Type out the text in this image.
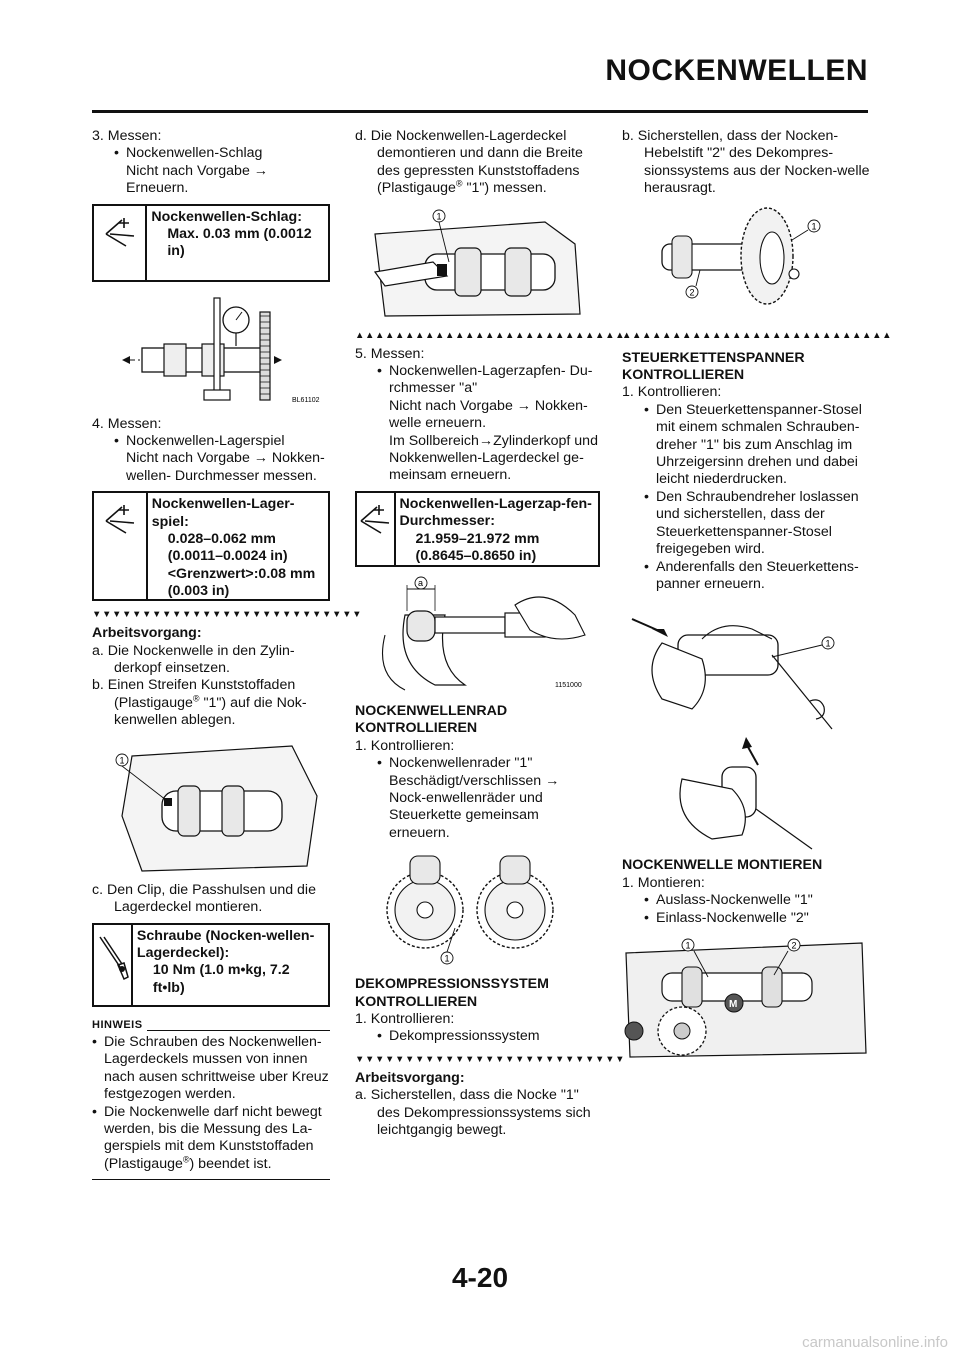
NOCKENWELLEN

3. Messen:

• Nockenwellen-Schlag

Nicht nach Vorgabe → Erneuern.

Nockenwellen-Schlag:
Max. 0.03 mm (0.0012 in)
BL61102

4. Messen:

• Nockenwellen-Lagerspiel

Nicht nach Vorgabe → Nokken-wellen- Durchmesser messen.

Nockenwellen-Lager-spiel:
0.028–0.062 mm
(0.0011–0.0024 in)
<Grenzwert>:0.08 mm
(0.003 in)
▼▼▼▼▼▼▼▼▼▼▼▼▼▼▼▼▼▼▼▼▼▼▼▼▼▼▼

Arbeitsvorgang:

a. Die Nockenwelle in den Zylin-derkopf einsetzen.

b. Einen Streifen Kunststoffaden (Plastigauge® "1") auf die Nok-kenwellen ablegen.

1

c. Den Clip, die Passhulsen und die Lagerdeckel montieren.

Schraube (Nocken-wellen- Lagerdeckel):
10 Nm (1.0 m•kg, 7.2 ft•lb)
HINWEIS

• Die Schrauben des Nockenwellen-Lagerdeckels mussen von innen nach ausen schrittweise uber Kreuz festgezogen werden.

• Die Nockenwelle darf nicht bewegt werden, bis die Messung des La-gerspiels mit dem Kunststoffaden (Plastigauge®) beendet ist.

d. Die Nockenwellen-Lagerdeckel demontieren und dann die Breite des gepressten Kunststoffadens (Plastigauge® "1") messen.

1
▲▲▲▲▲▲▲▲▲▲▲▲▲▲▲▲▲▲▲▲▲▲▲▲▲▲▲

5. Messen:

• Nockenwellen-Lagerzapfen- Du-rchmesser "a"

Nicht nach Vorgabe → Nokken-welle erneuern.

Im Sollbereich→Zylinderkopf und Nokkenwellen-Lagerdeckel ge-meinsam erneuern.

Nockenwellen-Lagerzap-fen-Durchmesser:
21.959–21.972 mm
(0.8645–0.8650 in)
a
1151000

NOCKENWELLENRAD KONTROLLIEREN

1. Kontrollieren:

• Nockenwellenrader "1"

Beschädigt/verschlissen → Nock-enwellenräder und Steuerkette gemeinsam erneuern.

1

DEKOMPRESSIONSSYSTEM KONTROLLIEREN

1. Kontrollieren:

• Dekompressionssystem

▼▼▼▼▼▼▼▼▼▼▼▼▼▼▼▼▼▼▼▼▼▼▼▼▼▼▼

Arbeitsvorgang:

a. Sicherstellen, dass die Nocke "1" des Dekompressionssystems sich leichtgangig bewegt.

b. Sicherstellen, dass der Nocken-Hebelstift "2" des Dekompres-sionssystems aus der Nocken-welle herausragt.

1
2
▲▲▲▲▲▲▲▲▲▲▲▲▲▲▲▲▲▲▲▲▲▲▲▲▲▲▲

STEUERKETTENSPANNER KONTROLLIEREN

1. Kontrollieren:

• Den Steuerkettenspanner-Stosel mit einem schmalen Schrauben-dreher "1" bis zum Anschlag im Uhrzeigersinn drehen und dabei leicht niederdrucken.

• Den Schraubendreher loslassen und sicherstellen, dass der Steuerkettenspanner-Stosel freigegeben wird.

• Anderenfalls den Steuerkettens-panner erneuern.

1

NOCKENWELLE MONTIEREN

1. Montieren:

• Auslass-Nockenwelle "1"

• Einlass-Nockenwelle "2"

M
1	2
4-20
carmanualsonline.info
